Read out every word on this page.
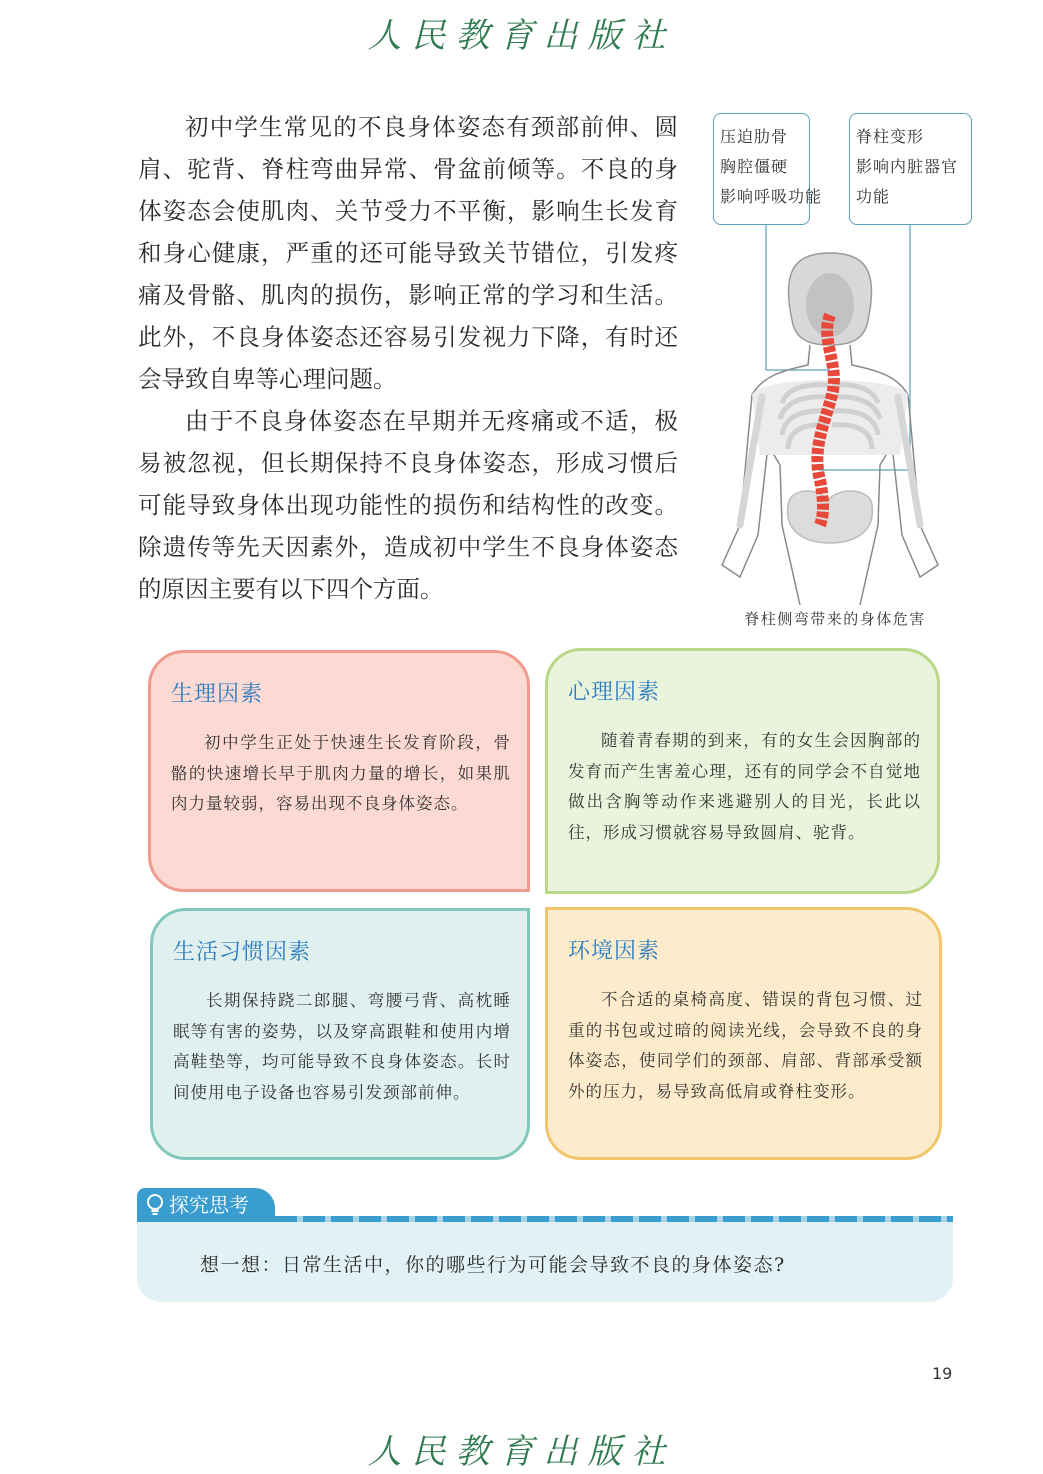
人民教育出版社

初中学生常见的不良身体姿态有颈部前伸、圆肩、驼背、脊柱弯曲异常、骨盆前倾等。不良的身体姿态会使肌肉、关节受力不平衡，影响生长发育和身心健康，严重的还可能导致关节错位，引发疼痛及骨骼、肌肉的损伤，影响正常的学习和生活。此外，不良身体姿态还容易引发视力下降，有时还会导致自卑等心理问题。

由于不良身体姿态在早期并无疼痛或不适，极易被忽视，但长期保持不良身体姿态，形成习惯后可能导致身体出现功能性的损伤和结构性的改变。除遗传等先天因素外，造成初中学生不良身体姿态的原因主要有以下四个方面。

压迫肋骨
胸腔僵硬
影响呼吸功能
脊柱变形
影响内脏器官
功能
脊柱侧弯带来的身体危害
生理因素

初中学生正处于快速生长发育阶段，骨骼的快速增长早于肌肉力量的增长，如果肌肉力量较弱，容易出现不良身体姿态。

心理因素

随着青春期的到来，有的女生会因胸部的发育而产生害羞心理，还有的同学会不自觉地做出含胸等动作来逃避别人的目光，长此以往，形成习惯就容易导致圆肩、驼背。

生活习惯因素

长期保持跷二郎腿、弯腰弓背、高枕睡眠等有害的姿势，以及穿高跟鞋和使用内增高鞋垫等，均可能导致不良身体姿态。长时间使用电子设备也容易引发颈部前伸。

环境因素

不合适的桌椅高度、错误的背包习惯、过重的书包或过暗的阅读光线，会导致不良的身体姿态，使同学们的颈部、肩部、背部承受额外的压力，易导致高低肩或脊柱变形。

探究思考
想一想：日常生活中，你的哪些行为可能会导致不良的身体姿态?
19
人民教育出版社
